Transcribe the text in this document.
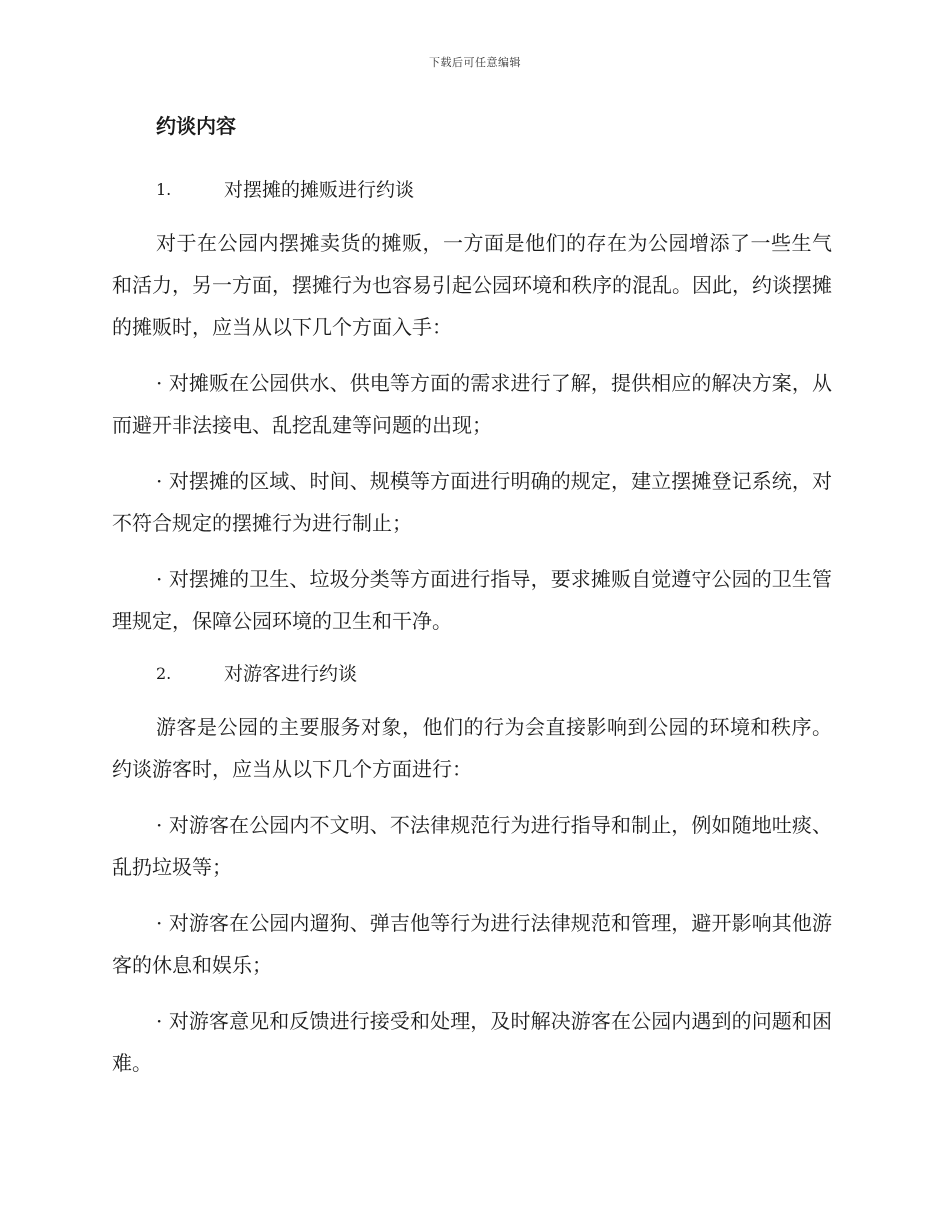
下载后可任意编辑
约谈内容
1.	对摆摊的摊贩进行约谈

对于在公园内摆摊卖货的摊贩，一方面是他们的存在为公园增添了一些生气和活力，另一方面，摆摊行为也容易引起公园环境和秩序的混乱。因此，约谈摆摊的摊贩时，应当从以下几个方面入手：

· 对摊贩在公园供水、供电等方面的需求进行了解，提供相应的解决方案，从而避开非法接电、乱挖乱建等问题的出现；

· 对摆摊的区域、时间、规模等方面进行明确的规定，建立摆摊登记系统，对不符合规定的摆摊行为进行制止；

· 对摆摊的卫生、垃圾分类等方面进行指导，要求摊贩自觉遵守公园的卫生管理规定，保障公园环境的卫生和干净。

2.	对游客进行约谈

游客是公园的主要服务对象，他们的行为会直接影响到公园的环境和秩序。约谈游客时，应当从以下几个方面进行：

· 对游客在公园内不文明、不法律规范行为进行指导和制止，例如随地吐痰、乱扔垃圾等；

· 对游客在公园内遛狗、弹吉他等行为进行法律规范和管理，避开影响其他游客的休息和娱乐；

· 对游客意见和反馈进行接受和处理，及时解决游客在公园内遇到的问题和困难。
